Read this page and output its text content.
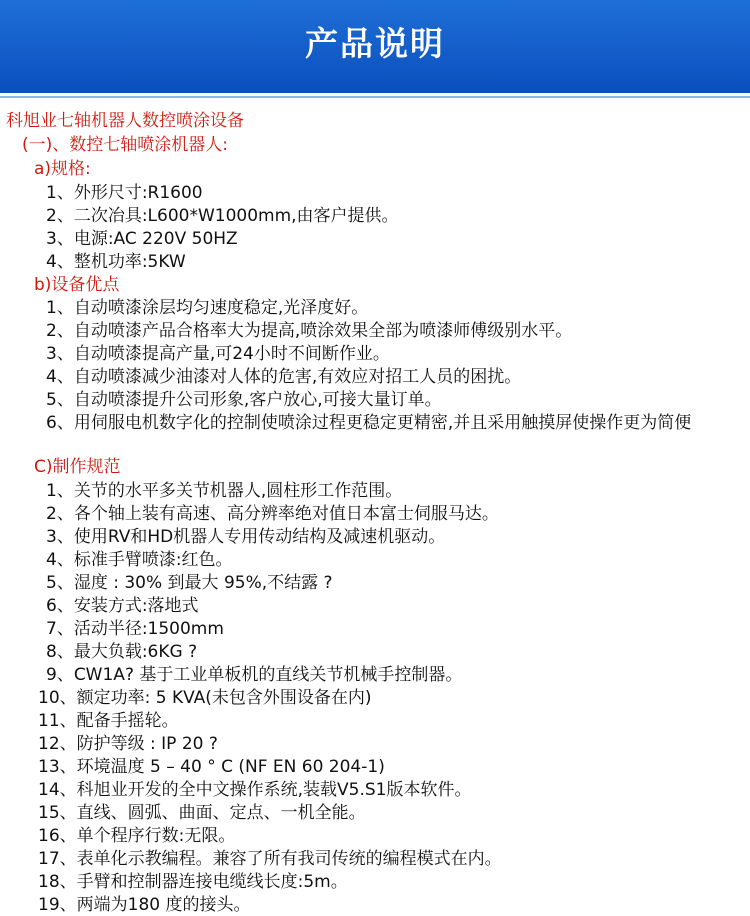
产品说明
科旭业七轴机器人数控喷涂设备
(一)、数控七轴喷涂机器人:
a)规格:
1、外形尺寸:R1600
2、二次冶具:L600*W1000mm,由客户提供。
3、电源:AC 220V 50HZ
4、整机功率:5KW
b)设备优点
1、自动喷漆涂层均匀速度稳定,光泽度好。
2、自动喷漆产品合格率大为提高,喷涂效果全部为喷漆师傅级别水平。
3、自动喷漆提高产量,可24小时不间断作业。
4、自动喷漆减少油漆对人体的危害,有效应对招工人员的困扰。
5、自动喷漆提升公司形象,客户放心,可接大量订单。
6、用伺服电机数字化的控制使喷涂过程更稳定更精密,并且采用触摸屏使操作更为简便
C)制作规范
1、关节的水平多关节机器人,圆柱形工作范围。
2、各个轴上装有高速、高分辨率绝对值日本富士伺服马达。
3、使用RV和HD机器人专用传动结构及减速机驱动。
4、标准手臂喷漆:红色。
5、湿度 : 30% 到最大 95%,不结露 ?
6、安装方式:落地式
7、活动半径:1500mm
8、最大负载:6KG ?
9、CW1A? 基于工业单板机的直线关节机械手控制器。
10、额定功率: 5 KVA(未包含外围设备在内)
11、配备手摇轮。
12、防护等级 : IP 20 ?
13、环境温度 5 – 40 ° C (NF EN 60 204-1)
14、科旭业开发的全中文操作系统,装载V5.S1版本软件。
15、直线、圆弧、曲面、定点、一机全能。
16、单个程序行数:无限。
17、表单化示教编程。兼容了所有我司传统的编程模式在内。
18、手臂和控制器连接电缆线长度:5m。
19、两端为180 度的接头。
